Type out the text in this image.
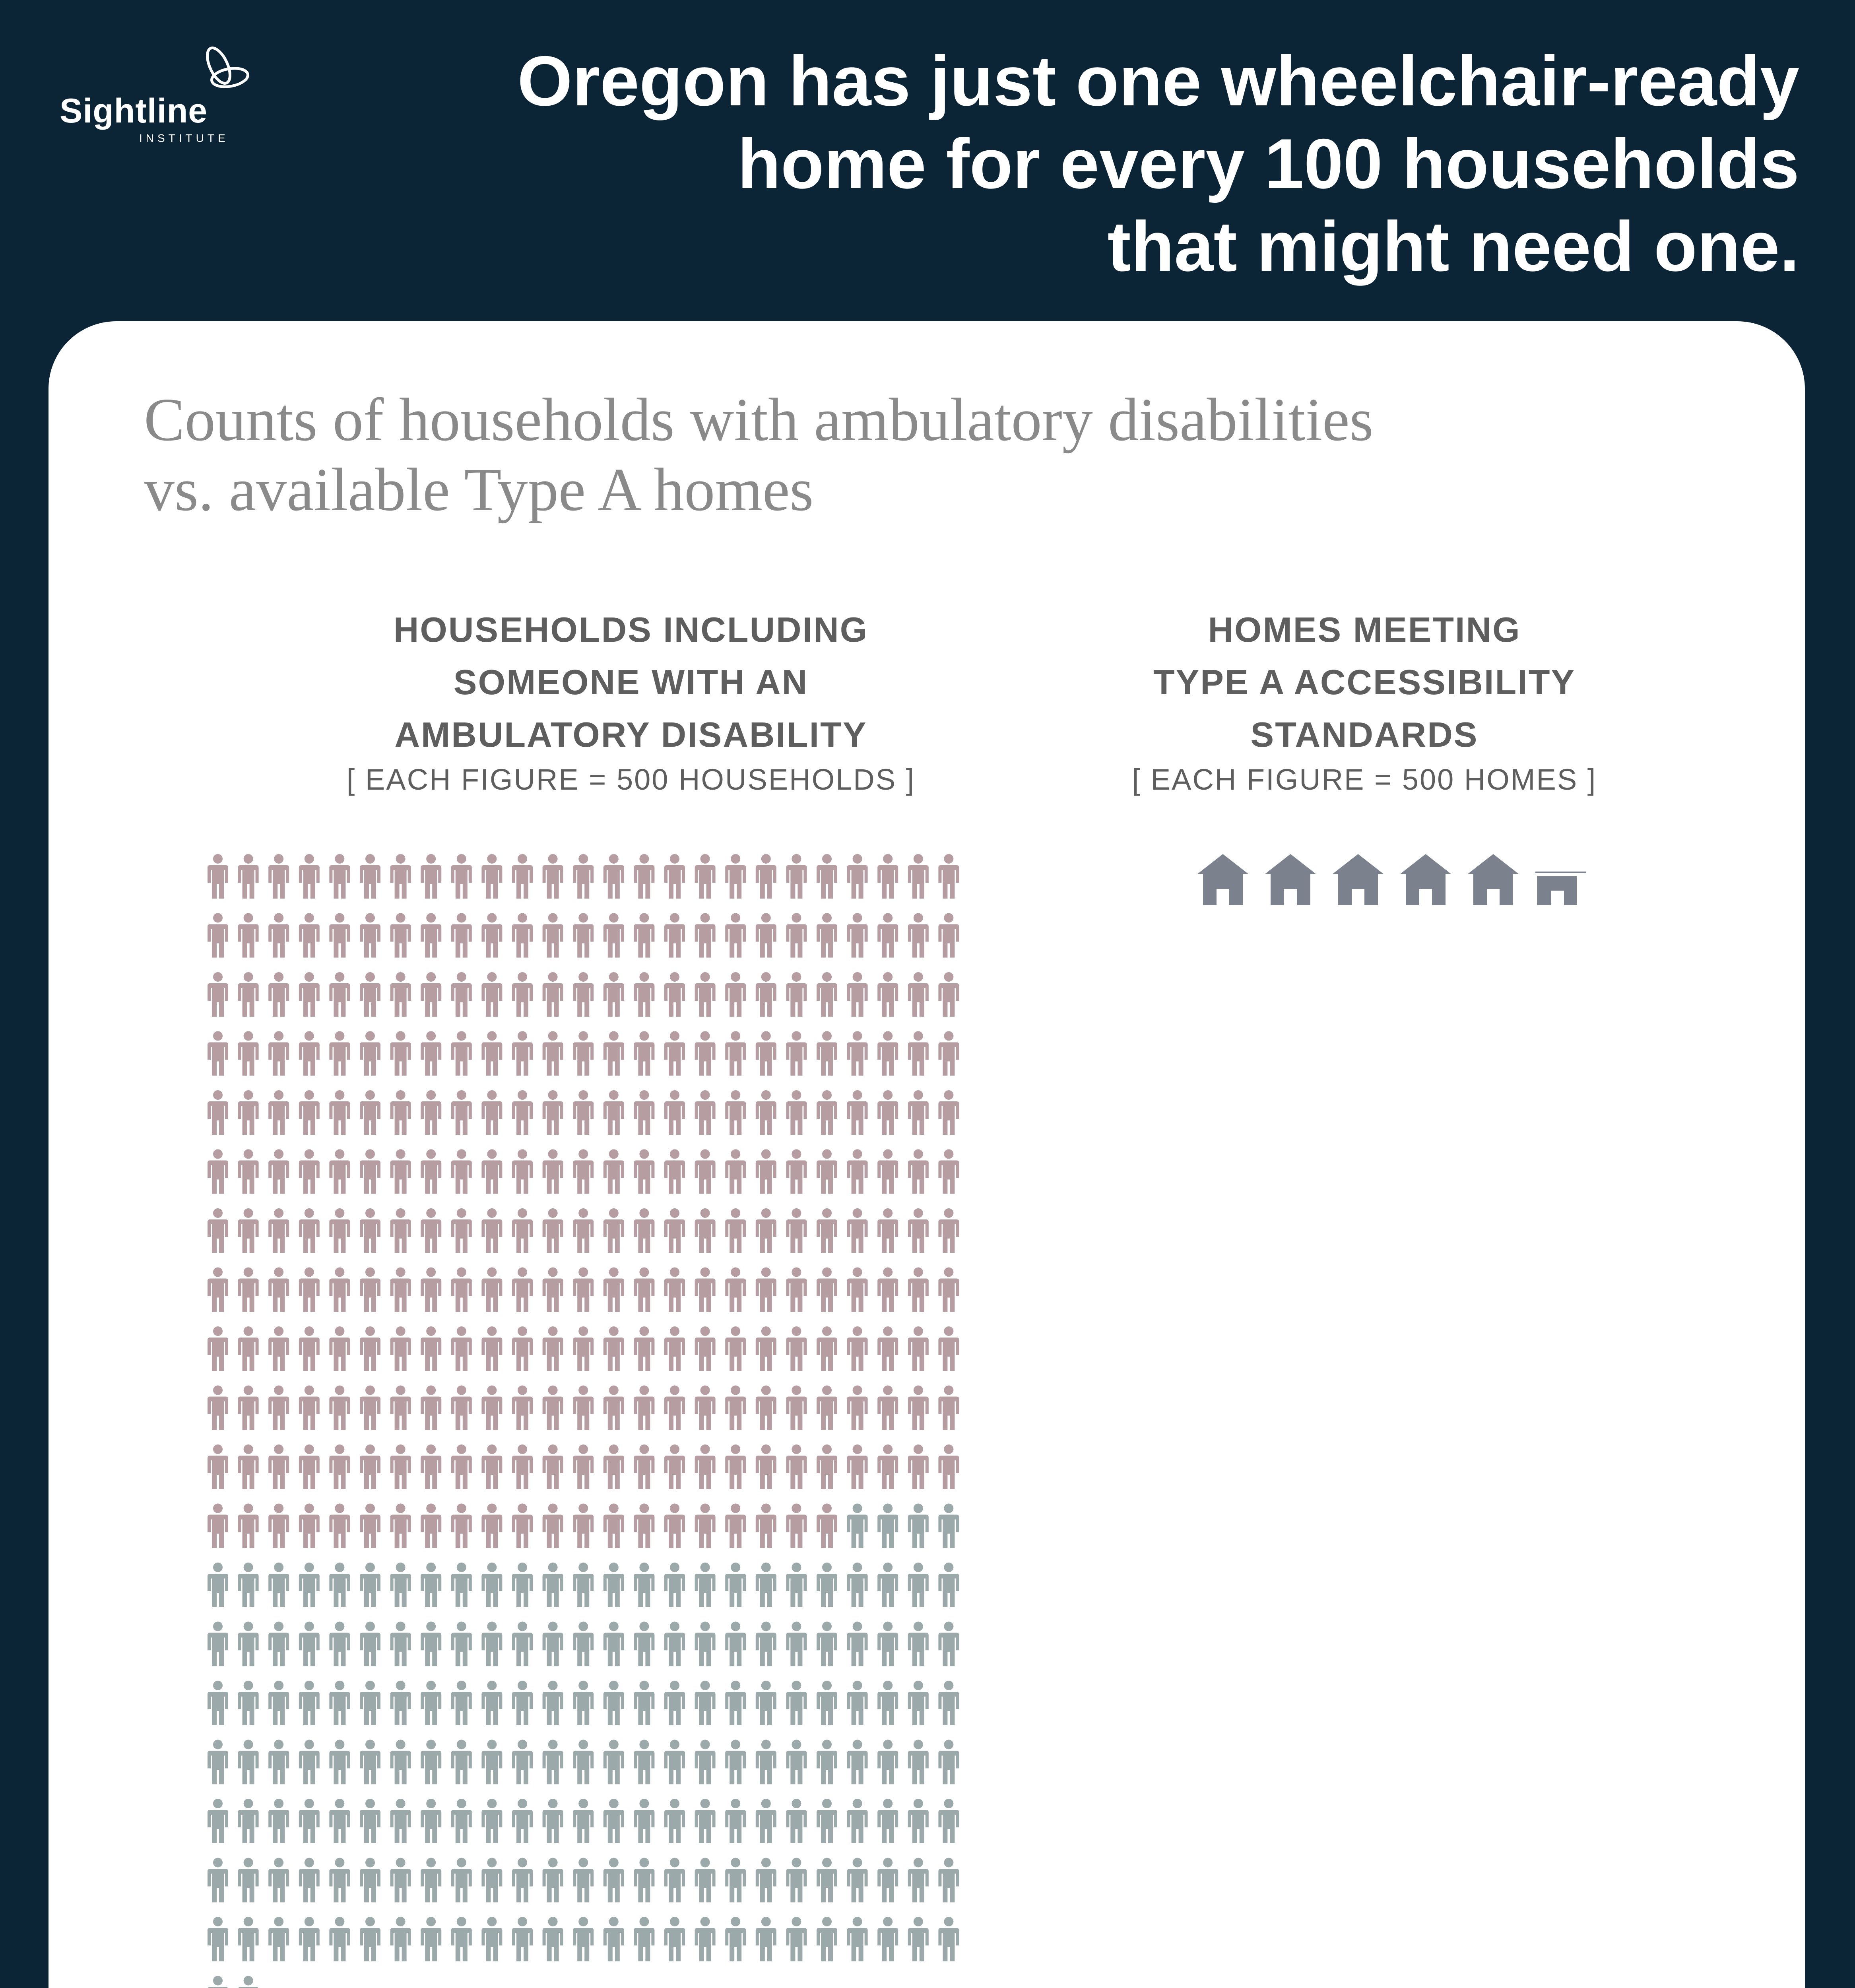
Sightline
INSTITUTE
Oregon has just one wheelchair-ready
home for every 100 households
that might need one.
Counts of households with ambulatory disabilities
vs. available Type A homes
HOUSEHOLDS INCLUDING
SOMEONE WITH AN
AMBULATORY DISABILITY
[ EACH FIGURE = 500 HOUSEHOLDS ]
HOMES MEETING
TYPE A ACCESSIBILITY
STANDARDS
[ EACH FIGURE = 500 HOMES ]
